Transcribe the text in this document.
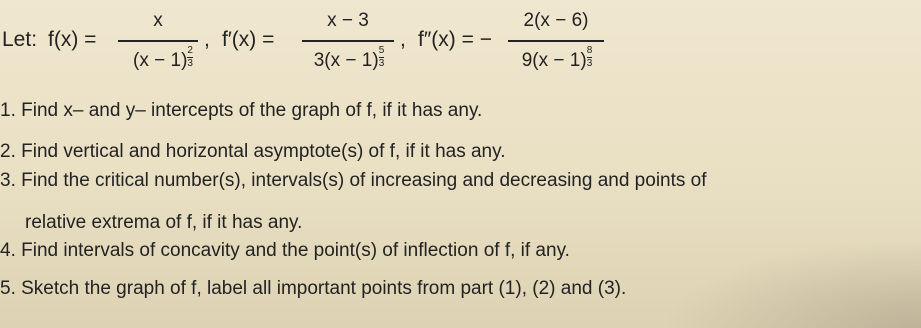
Let: f(x) =
x
$(x - 1) \frac{2}{3}$
, f′(x) =
x − 3
$3(x - 1) \frac{5}{3}$
, f″(x) = −
2(x − 6)
$9(x - 1) \frac{8}{3}$
1. Find x– and y– intercepts of the graph of f, if it has any.
2. Find vertical and horizontal asymptote(s) of f, if it has any.
3. Find the critical number(s), intervals(s) of increasing and decreasing and points of
relative extrema of f, if it has any.
4. Find intervals of concavity and the point(s) of inflection of f, if any.
5. Sketch the graph of f, label all important points from part (1), (2) and (3).
